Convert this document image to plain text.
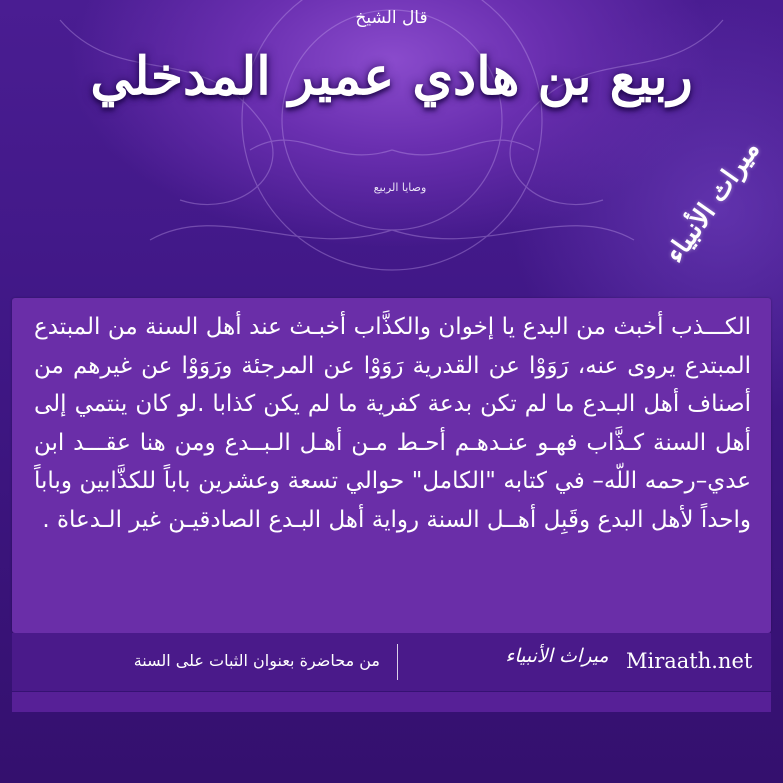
قال الشيخ
ربيع بن هادي عمير المدخلي
وصايا الربيع	ميراث الأنبياء
الكـــذب أخبث من البدع يا إخوان والكذَّاب أخبـث عند أهل السنة من المبتدع المبتدع يروى عنه، رَوَوْا عن القدرية رَوَوْا عن المرجئة ورَوَوْا عن غيرهم من أصناف أهل البـدع ما لم تكن بدعة كفرية ما لم يكن كذابا .لو كان ينتمي إلى أهل السنة كـذَّاب فهـو عنـدهـم أحـط مـن أهـل الـبــدع ومن هنا عقـــد ابن عدي–رحمه اللّه– في كتابه "الكامل" حوالي تسعة وعشرين باباً للكذَّابين وباباً واحداً لأهل البدع وقَبِل أهــل السنة رواية أهل البـدع الصادقيـن غير الـدعاة .
من محاضرة بعنوان الثبات على السنة	ميراث الأنبياء Miraath.net
